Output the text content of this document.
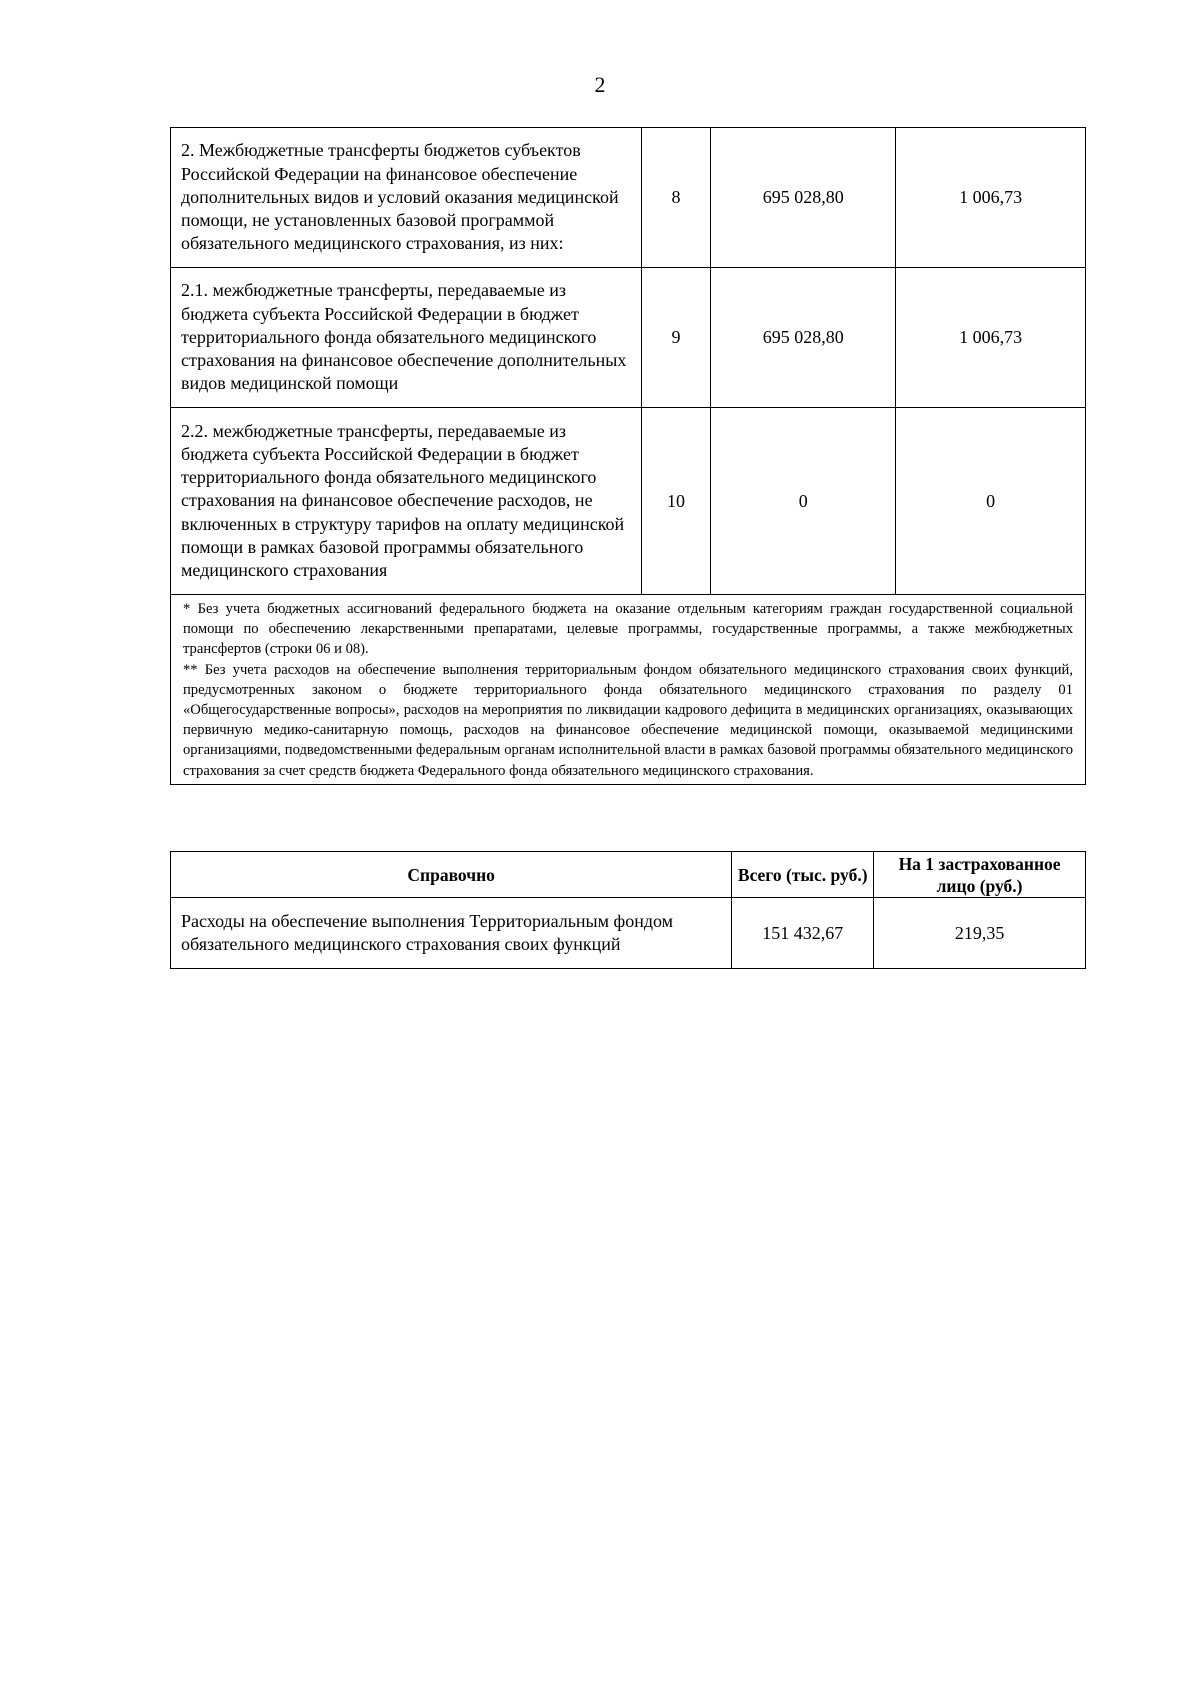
2
2. Межбюджетные трансферты бюджетов субъектов Российской Федерации на финансовое обеспечение дополнительных видов и условий оказания медицинской помощи, не установленных базовой программой обязательного медицинского страхования, из них:	8	695 028,80	1 006,73
2.1. межбюджетные трансферты, передаваемые из бюджета субъекта Российской Федерации в бюджет территориального фонда обязательного медицинского страхования на финансовое обеспечение дополнительных видов медицинской помощи	9	695 028,80	1 006,73
2.2. межбюджетные трансферты, передаваемые из бюджета субъекта Российской Федерации в бюджет территориального фонда обязательного медицинского страхования на финансовое обеспечение расходов, не включенных в структуру тарифов на оплату медицинской помощи в рамках базовой программы обязательного медицинского страхования	10	0	0

* Без учета бюджетных ассигнований федерального бюджета на оказание отдельным категориям граждан государственной социальной помощи по обеспечению лекарственными препаратами, целевые программы, государственные программы, а также межбюджетных трансфертов (строки 06 и 08).

** Без учета расходов на обеспечение выполнения территориальным фондом обязательного медицинского страхования своих функций, предусмотренных законом о бюджете территориального фонда обязательного медицинского страхования по разделу 01 «Общегосударственные вопросы», расходов на мероприятия по ликвидации кадрового дефицита в медицинских организациях, оказывающих первичную медико-санитарную помощь, расходов на финансовое обеспечение медицинской помощи, оказываемой медицинскими организациями, подведомственными федеральным органам исполнительной власти в рамках базовой программы обязательного медицинского страхования за счет средств бюджета Федерального фонда обязательного медицинского страхования.			

Справочно	Всего (тыс. руб.)	На 1 застрахованное лицо (руб.)
Расходы на обеспечение выполнения Территориальным фондом обязательного медицинского страхования своих функций	151 432,67	219,35
